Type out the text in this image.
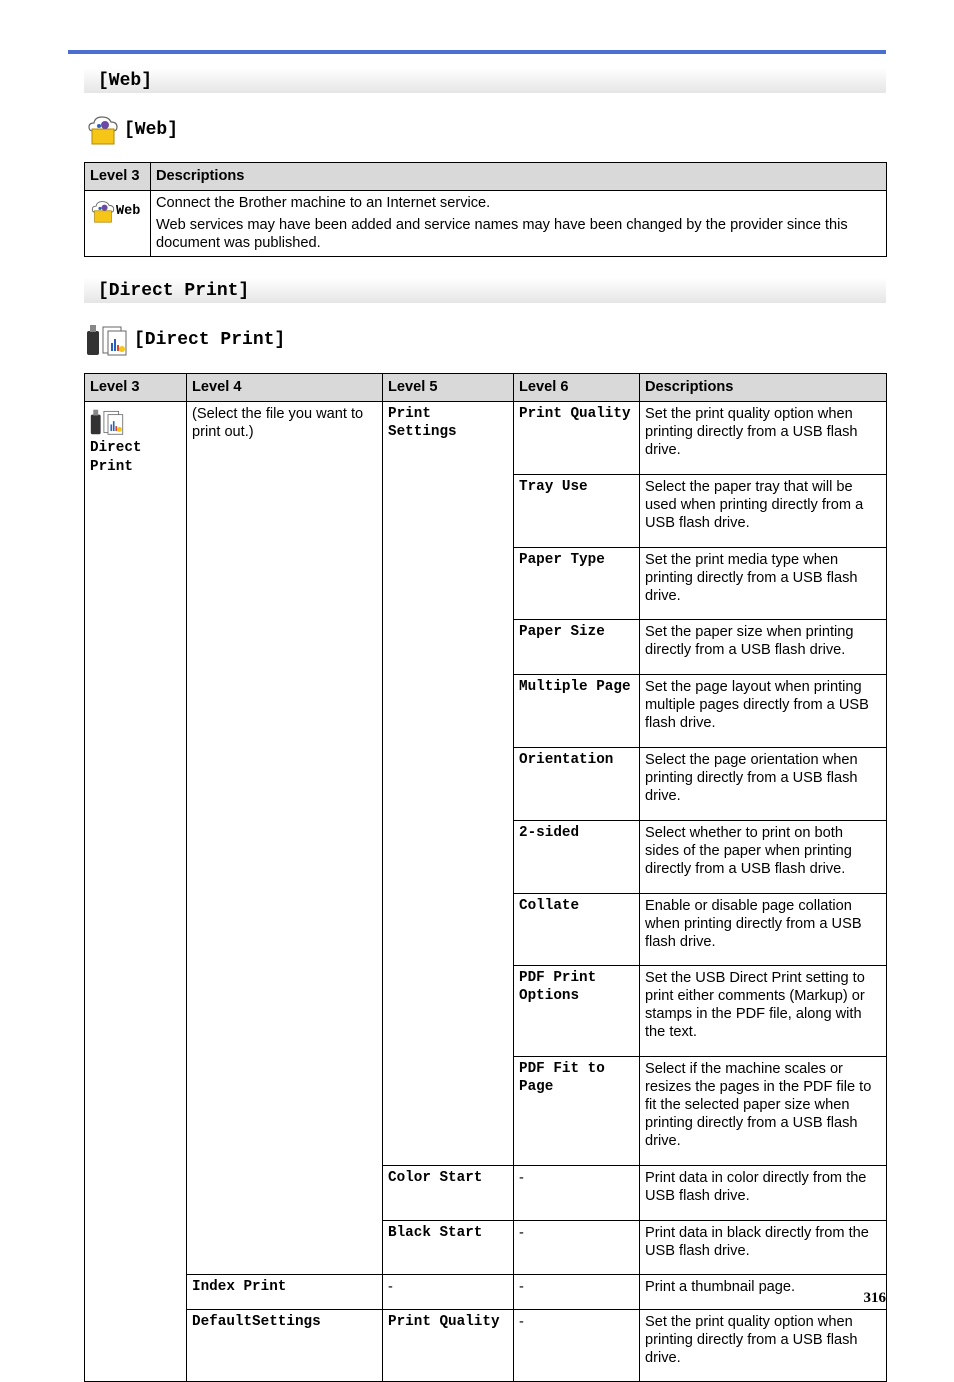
[Web]
[Web]
Level 3	Descriptions

Web	Connect the Brother machine to an Internet service.
Web services may have been added and service names may have been changed by the provider since this document was published.
[Direct Print]
[Direct Print]
Level 3	Level 4	Level 5	Level 6	Descriptions

Direct Print	(Select the file you want to print out.)	Print Settings	Print Quality	Set the print quality option when printing directly from a USB flash drive.
			Tray Use	Select the paper tray that will be used when printing directly from a USB flash drive.
			Paper Type	Set the print media type when printing directly from a USB flash drive.
			Paper Size	Set the paper size when printing directly from a USB flash drive.
			Multiple Page	Set the page layout when printing multiple pages directly from a USB flash drive.
			Orientation	Select the page orientation when printing directly from a USB flash drive.
			2-sided	Select whether to print on both sides of the paper when printing directly from a USB flash drive.
			Collate	Enable or disable page collation when printing directly from a USB flash drive.
			PDF Print Options	Set the USB Direct Print setting to print either comments (Markup) or stamps in the PDF file, along with the text.
			PDF Fit to Page	Select if the machine scales or resizes the pages in the PDF file to fit the selected paper size when printing directly from a USB flash drive.
		Color Start	-	Print data in color directly from the USB flash drive.
		Black Start	-	Print data in black directly from the USB flash drive.
	Index Print	-	-	Print a thumbnail page.
	DefaultSettings	Print Quality	-	Set the print quality option when printing directly from a USB flash drive.
316
